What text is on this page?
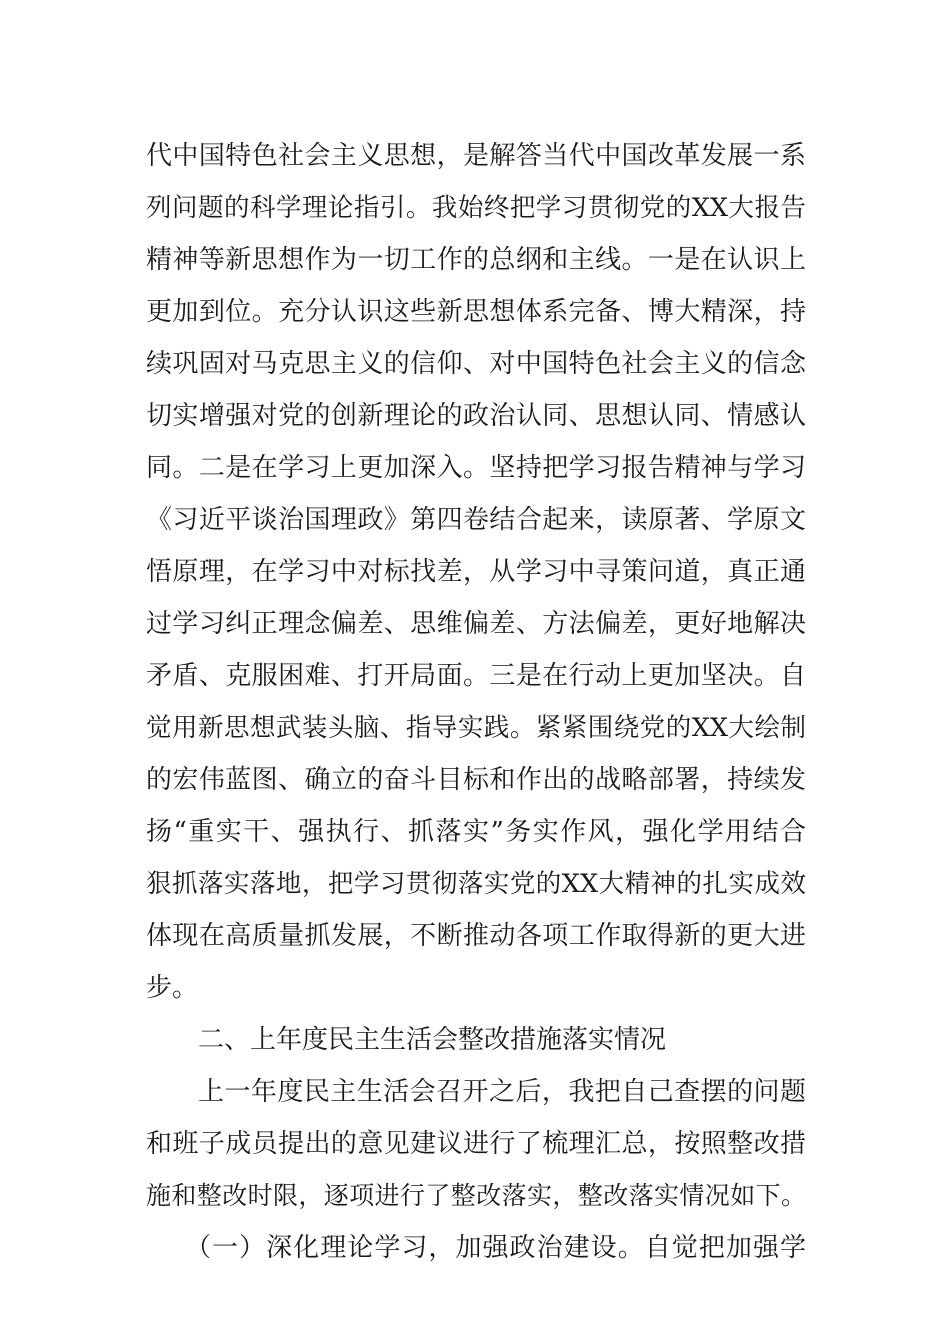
代中国特色社会主义思想，是解答当代中国改革发展一系
列问题的科学理论指引。我始终把学习贯彻党的XX大报告
精神等新思想作为一切工作的总纲和主线。一是在认识上
更加到位。充分认识这些新思想体系完备、博大精深，持
续巩固对马克思主义的信仰、对中国特色社会主义的信念
切实增强对党的创新理论的政治认同、思想认同、情感认
同。二是在学习上更加深入。坚持把学习报告精神与学习
《习近平谈治国理政》第四卷结合起来，读原著、学原文
悟原理，在学习中对标找差，从学习中寻策问道，真正通
过学习纠正理念偏差、思维偏差、方法偏差，更好地解决
矛盾、克服困难、打开局面。三是在行动上更加坚决。自
觉用新思想武装头脑、指导实践。紧紧围绕党的XX大绘制
的宏伟蓝图、确立的奋斗目标和作出的战略部署，持续发
扬“重实干、强执行、抓落实”务实作风，强化学用结合
狠抓落实落地，把学习贯彻落实党的XX大精神的扎实成效
体现在高质量抓发展，不断推动各项工作取得新的更大进
步。
二、上年度民主生活会整改措施落实情况
上一年度民主生活会召开之后，我把自己查摆的问题
和班子成员提出的意见建议进行了梳理汇总，按照整改措
施和整改时限，逐项进行了整改落实，整改落实情况如下。
（一）深化理论学习，加强政治建设。自觉把加强学
